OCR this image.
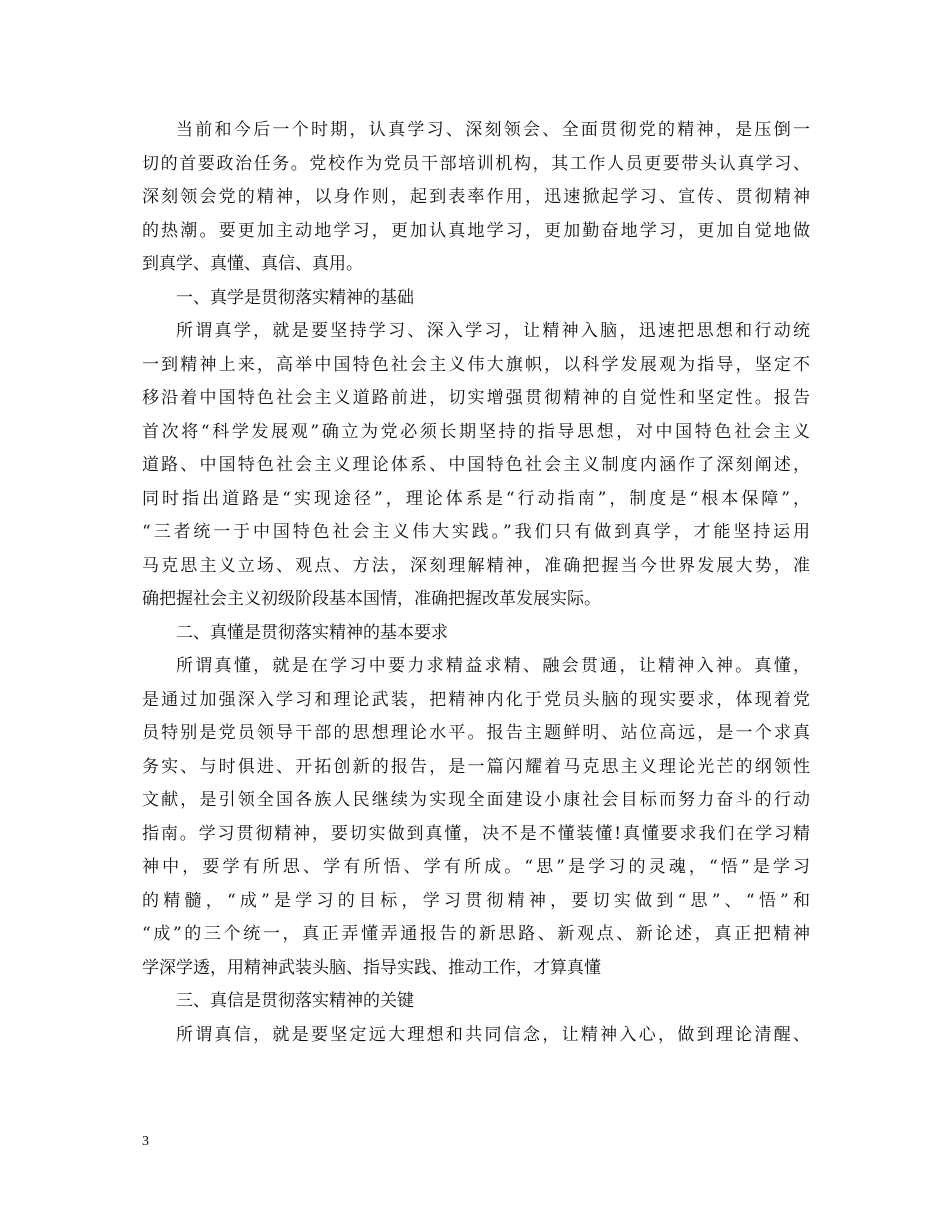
当前和今后一个时期，认真学习、深刻领会、全面贯彻党的精神，是压倒一
切的首要政治任务。党校作为党员干部培训机构，其工作人员更要带头认真学习、
深刻领会党的精神，以身作则，起到表率作用，迅速掀起学习、宣传、贯彻精神
的热潮。要更加主动地学习，更加认真地学习，更加勤奋地学习，更加自觉地做
到真学、真懂、真信、真用。
一、真学是贯彻落实精神的基础
所谓真学，就是要坚持学习、深入学习，让精神入脑，迅速把思想和行动统
一到精神上来，高举中国特色社会主义伟大旗帜，以科学发展观为指导，坚定不
移沿着中国特色社会主义道路前进，切实增强贯彻精神的自觉性和坚定性。报告
首次将“科学发展观”确立为党必须长期坚持的指导思想，对中国特色社会主义
道路、中国特色社会主义理论体系、中国特色社会主义制度内涵作了深刻阐述，
同时指出道路是“实现途径”，理论体系是“行动指南”，制度是“根本保障”，
“三者统一于中国特色社会主义伟大实践。”我们只有做到真学，才能坚持运用
马克思主义立场、观点、方法，深刻理解精神，准确把握当今世界发展大势，准
确把握社会主义初级阶段基本国情，准确把握改革发展实际。
二、真懂是贯彻落实精神的基本要求
所谓真懂，就是在学习中要力求精益求精、融会贯通，让精神入神。真懂，
是通过加强深入学习和理论武装，把精神内化于党员头脑的现实要求，体现着党
员特别是党员领导干部的思想理论水平。报告主题鲜明、站位高远，是一个求真
务实、与时俱进、开拓创新的报告，是一篇闪耀着马克思主义理论光芒的纲领性
文献，是引领全国各族人民继续为实现全面建设小康社会目标而努力奋斗的行动
指南。学习贯彻精神，要切实做到真懂，决不是不懂装懂!真懂要求我们在学习精
神中，要学有所思、学有所悟、学有所成。“思”是学习的灵魂，“悟”是学习
的精髓，“成”是学习的目标，学习贯彻精神，要切实做到“思”、“悟”和
“成”的三个统一，真正弄懂弄通报告的新思路、新观点、新论述，真正把精神
学深学透，用精神武装头脑、指导实践、推动工作，才算真懂
三、真信是贯彻落实精神的关键
所谓真信，就是要坚定远大理想和共同信念，让精神入心，做到理论清醒、
3
